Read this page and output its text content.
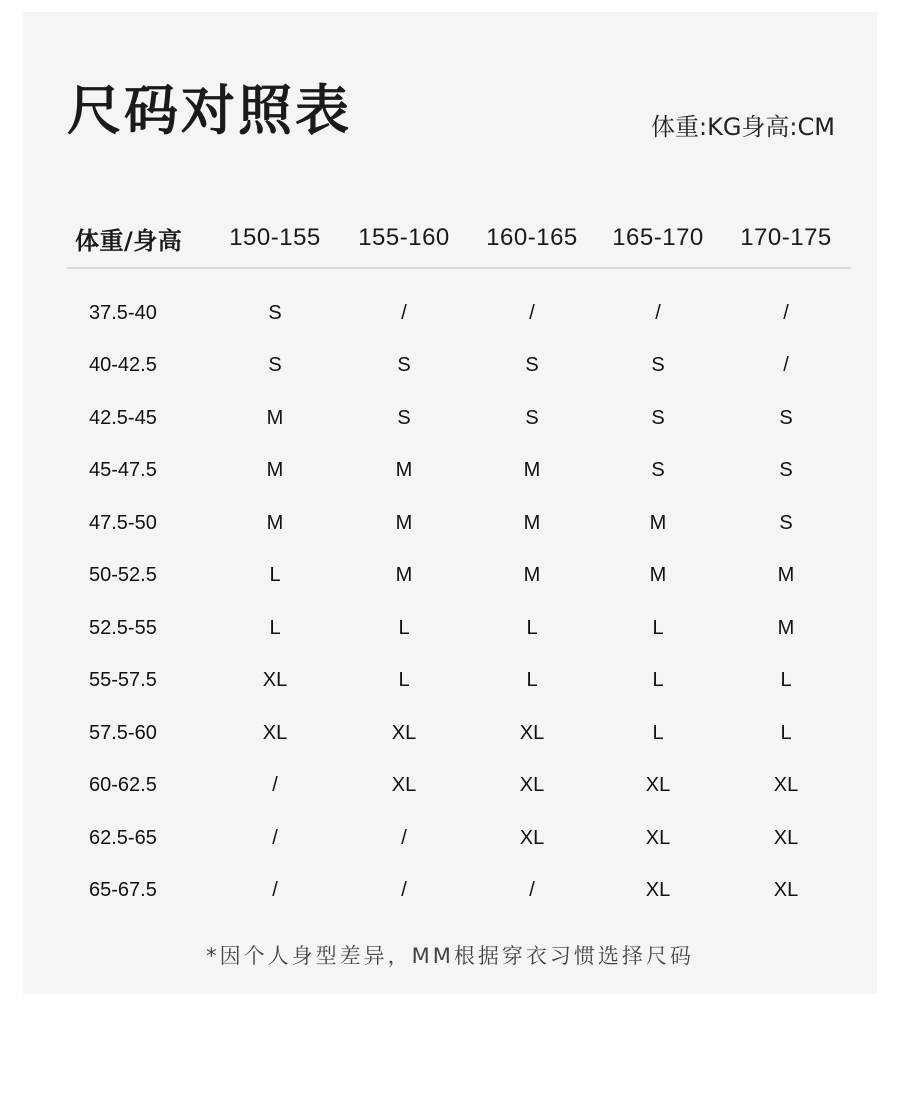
尺码对照表	体重:KG身高:CM
体重/身高	150-155	155-160	160-165	165-170	170-175
37.5-40	S	/	/	/	/
40-42.5	S	S	S	S	/
42.5-45	M	S	S	S	S
45-47.5	M	M	M	S	S
47.5-50	M	M	M	M	S
50-52.5	L	M	M	M	M
52.5-55	L	L	L	L	M
55-57.5	XL	L	L	L	L
57.5-60	XL	XL	XL	L	L
60-62.5	/	XL	XL	XL	XL
62.5-65	/	/	XL	XL	XL
65-67.5	/	/	/	XL	XL
*因个人身型差异，MM根据穿衣习惯选择尺码
